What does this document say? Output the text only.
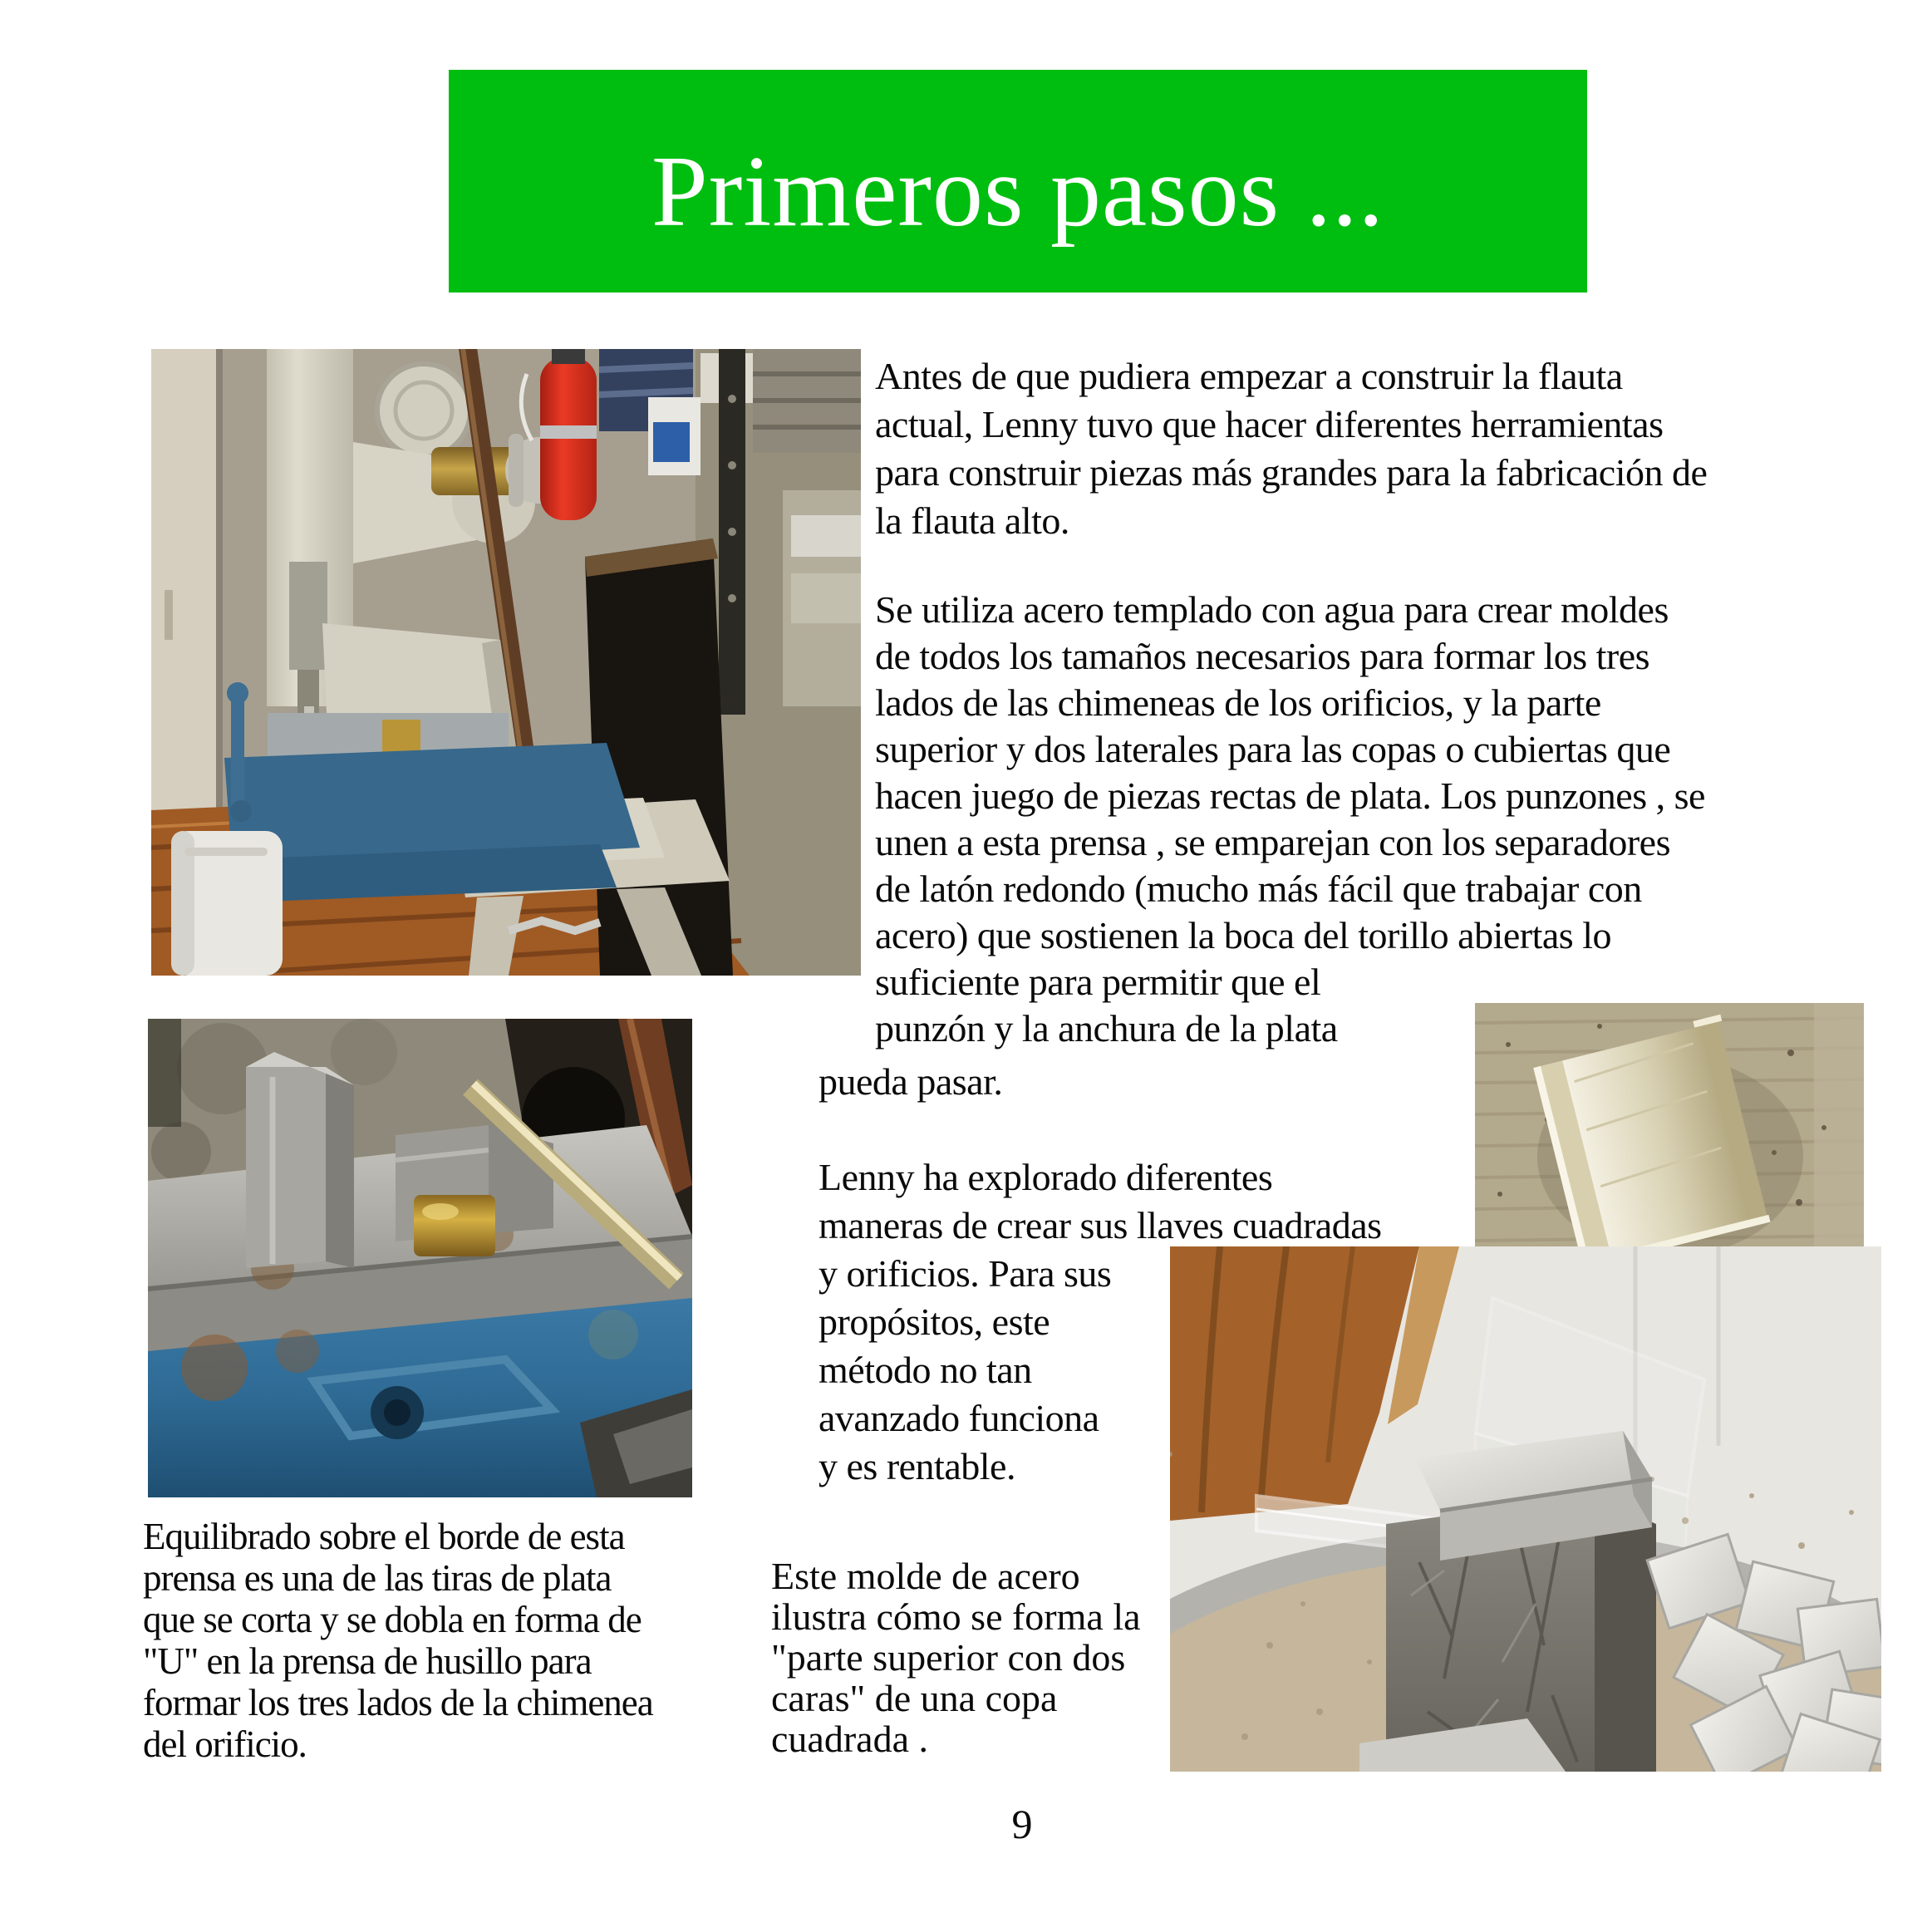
Primeros pasos ...
Antes de que pudiera empezar a construir la flauta
actual, Lenny tuvo que hacer diferentes herramientas
para construir piezas más grandes para la fabricación de
la flauta alto.
Se utiliza acero templado con agua para crear moldes
de todos los tamaños necesarios para formar los tres
lados de las chimeneas de los orificios, y la parte
superior y dos laterales para las copas o cubiertas que
hacen juego de piezas rectas de plata. Los punzones , se
unen a esta prensa , se emparejan con los separadores
de latón redondo (mucho más fácil que trabajar con
acero) que sostienen la boca del torillo abiertas lo
suficiente para permitir que el
punzón y la anchura de la plata
pueda pasar.
Lenny ha explorado diferentes
maneras de crear sus llaves cuadradas
y orificios. Para sus
propósitos, este
método no tan
avanzado funciona
y es rentable.
Equilibrado sobre el borde de esta
prensa es una de las tiras de plata
que se corta y se dobla en forma de
"U" en la prensa de husillo para
formar los tres lados de la chimenea
del orificio.
Este molde de acero
ilustra cómo se forma la
"parte superior con dos
caras" de una copa
cuadrada .
9
